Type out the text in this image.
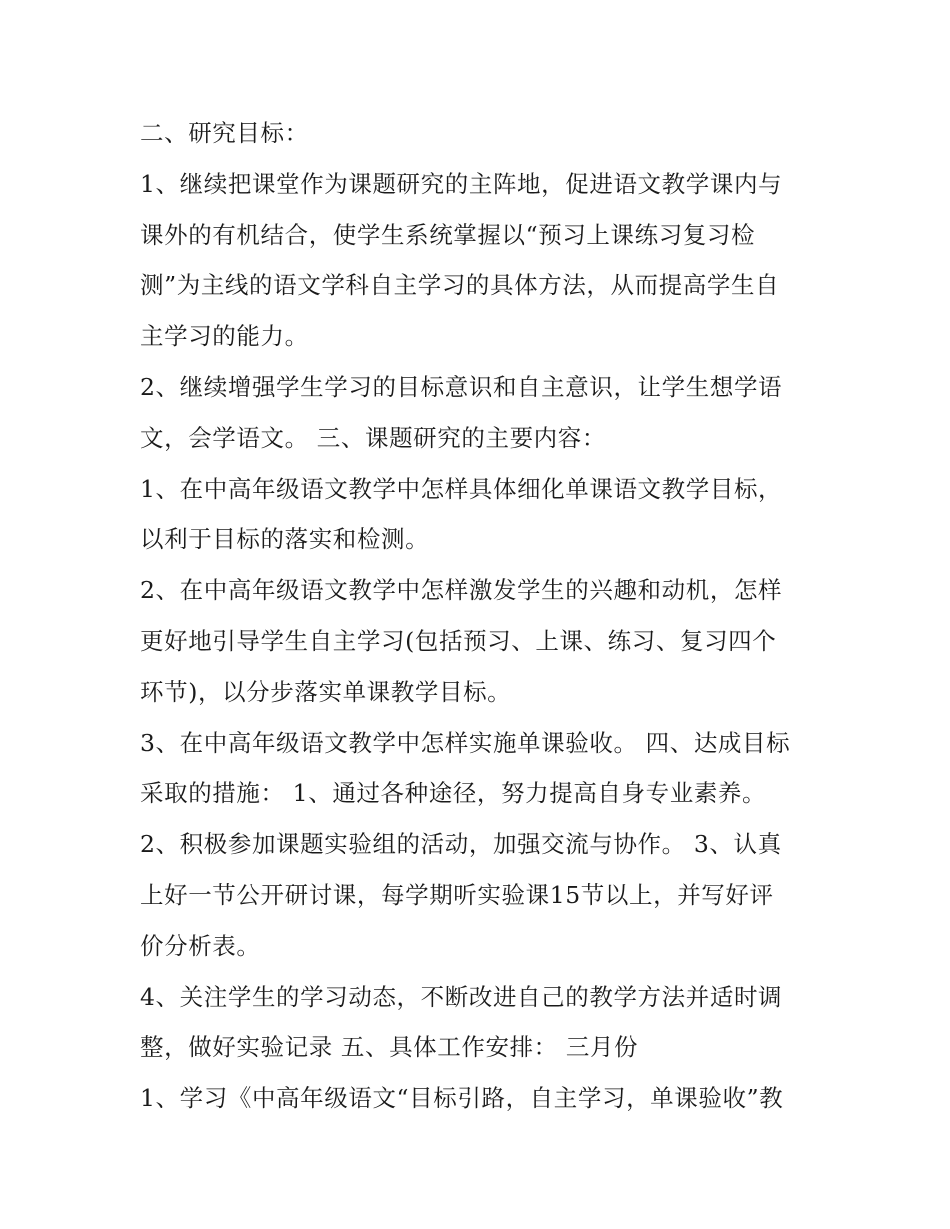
二、研究目标：
1、继续把课堂作为课题研究的主阵地，促进语文教学课内与
课外的有机结合，使学生系统掌握以“预习上课练习复习检
测”为主线的语文学科自主学习的具体方法，从而提高学生自
主学习的能力。
2、继续增强学生学习的目标意识和自主意识，让学生想学语
文，会学语文。 三、课题研究的主要内容：
1、在中高年级语文教学中怎样具体细化单课语文教学目标，
以利于目标的落实和检测。
2、在中高年级语文教学中怎样激发学生的兴趣和动机，怎样
更好地引导学生自主学习(包括预习、上课、练习、复习四个
环节)，以分步落实单课教学目标。
3、在中高年级语文教学中怎样实施单课验收。 四、达成目标
采取的措施： 1、通过各种途径，努力提高自身专业素养。
2、积极参加课题实验组的活动，加强交流与协作。 3、认真
上好一节公开研讨课，每学期听实验课15节以上，并写好评
价分析表。
4、关注学生的学习动态，不断改进自己的教学方法并适时调
整，做好实验记录 五、具体工作安排： 三月份
1、学习《中高年级语文“目标引路，自主学习，单课验收”教
